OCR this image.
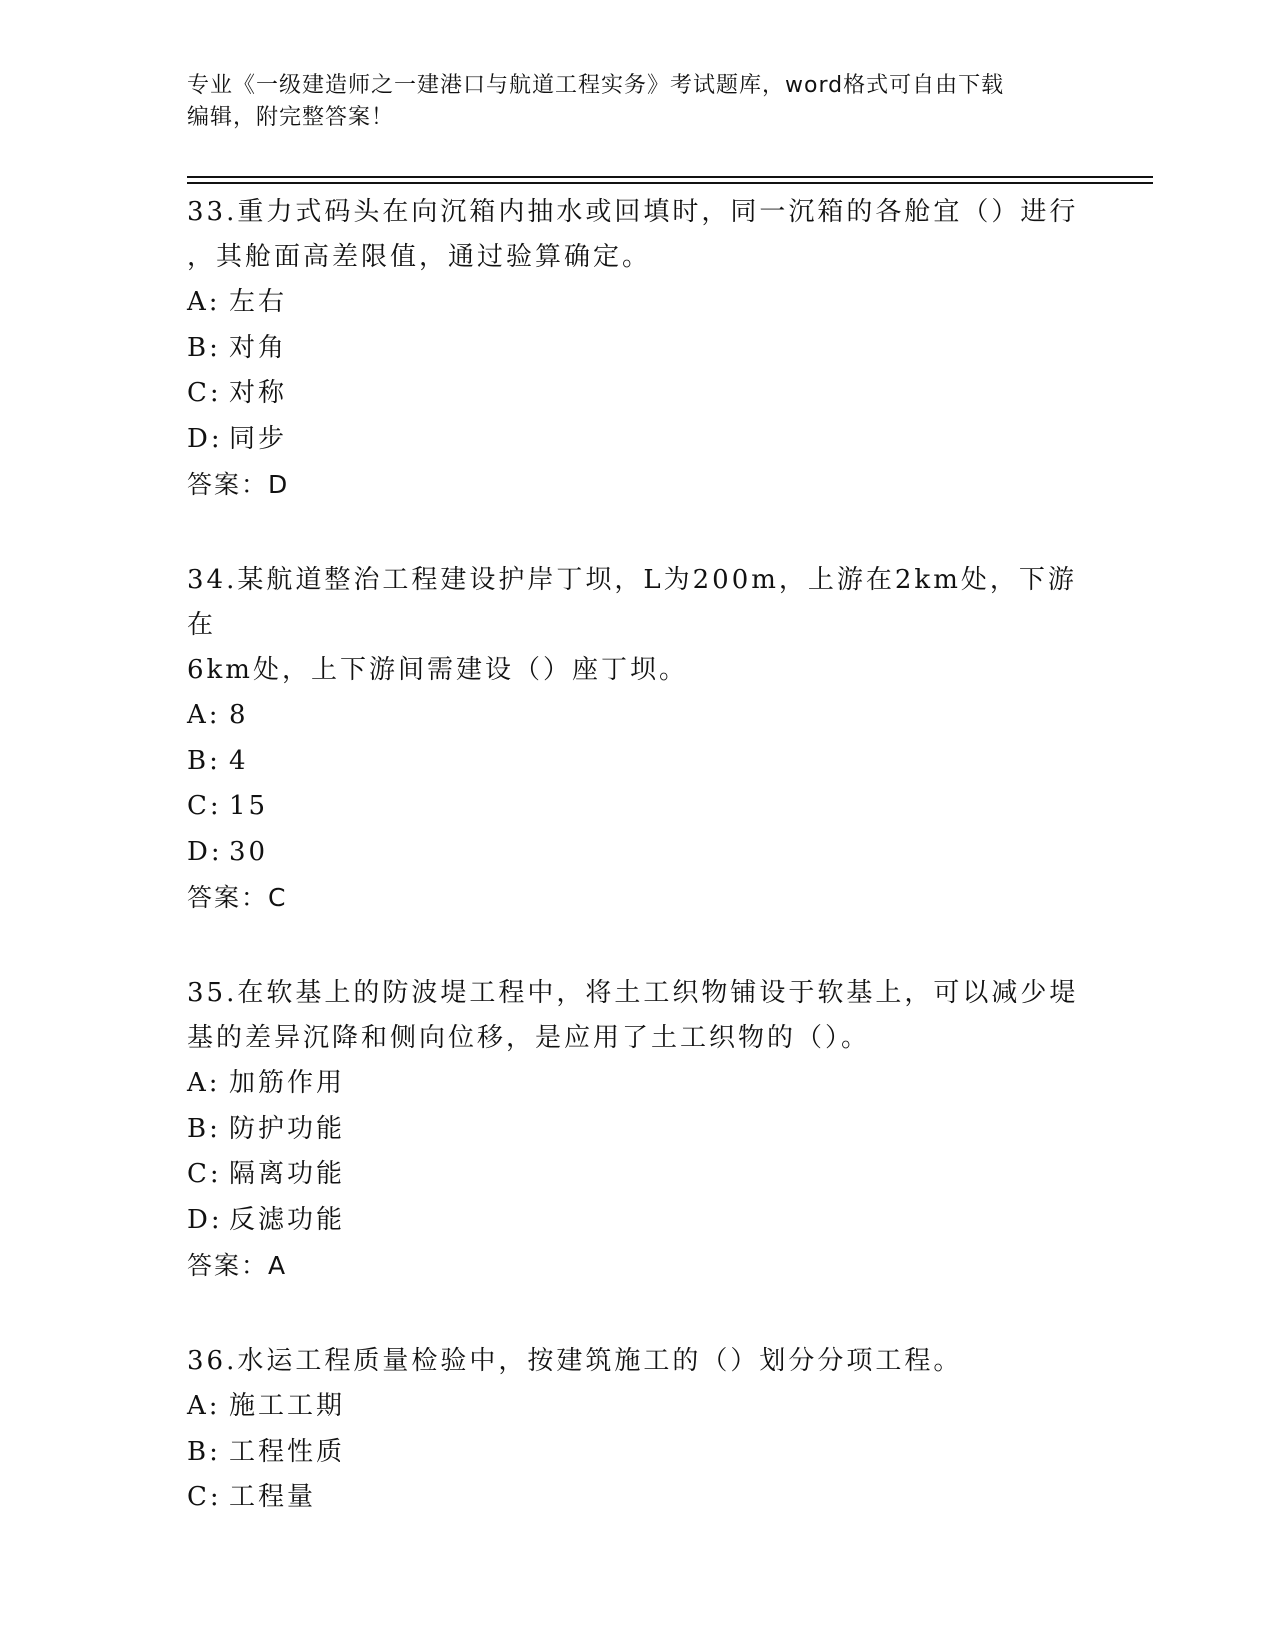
专业《一级建造师之一建港口与航道工程实务》考试题库，word格式可自由下载
编辑，附完整答案！
33.重力式码头在向沉箱内抽水或回填时，同一沉箱的各舱宜（）进行
，其舱面高差限值，通过验算确定。
A: 左右
B: 对角
C: 对称
D: 同步
答案：D
34.某航道整治工程建设护岸丁坝，L为200m，上游在2km处，下游在
6km处，上下游间需建设（）座丁坝。
A: 8
B: 4
C: 15
D: 30
答案：C
35.在软基上的防波堤工程中，将土工织物铺设于软基上，可以减少堤
基的差异沉降和侧向位移，是应用了土工织物的（）。
A: 加筋作用
B: 防护功能
C: 隔离功能
D: 反滤功能
答案：A
36.水运工程质量检验中，按建筑施工的（）划分分项工程。
A: 施工工期
B: 工程性质
C: 工程量
